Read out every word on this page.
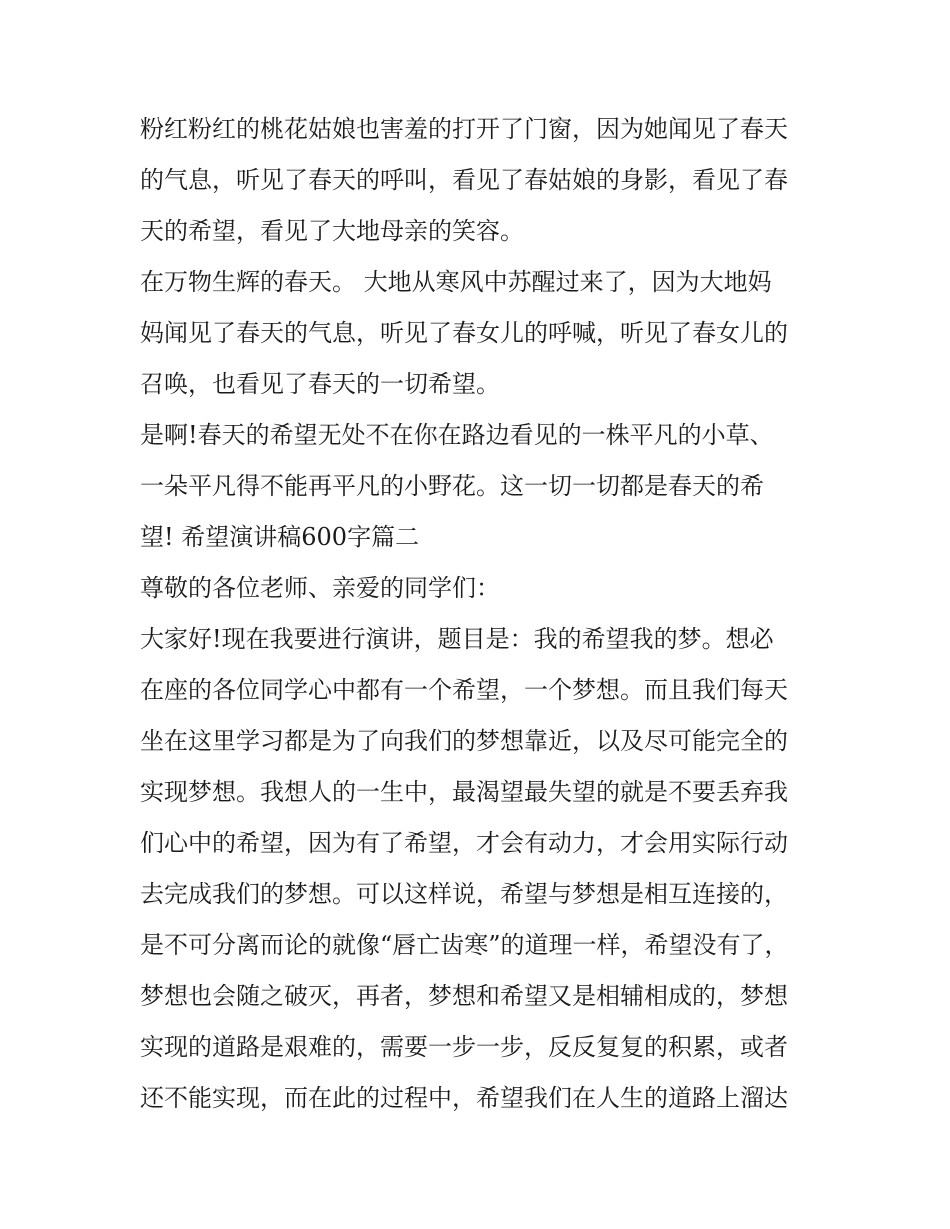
粉红粉红的桃花姑娘也害羞的打开了门窗，因为她闻见了春天
的气息，听见了春天的呼叫，看见了春姑娘的身影，看见了春
天的希望，看见了大地母亲的笑容。
在万物生辉的春天。 大地从寒风中苏醒过来了，因为大地妈
妈闻见了春天的气息，听见了春女儿的呼喊，听见了春女儿的
召唤，也看见了春天的一切希望。
是啊!春天的希望无处不在你在路边看见的一株平凡的小草、
一朵平凡得不能再平凡的小野花。这一切一切都是春天的希
望! 希望演讲稿600字篇二
尊敬的各位老师、亲爱的同学们：
大家好!现在我要进行演讲，题目是：我的希望我的梦。想必
在座的各位同学心中都有一个希望，一个梦想。而且我们每天
坐在这里学习都是为了向我们的梦想靠近，以及尽可能完全的
实现梦想。我想人的一生中，最渴望最失望的就是不要丢弃我
们心中的希望，因为有了希望，才会有动力，才会用实际行动
去完成我们的梦想。可以这样说，希望与梦想是相互连接的，
是不可分离而论的就像“唇亡齿寒”的道理一样，希望没有了，
梦想也会随之破灭，再者，梦想和希望又是相辅相成的，梦想
实现的道路是艰难的，需要一步一步，反反复复的积累，或者
还不能实现，而在此的过程中，希望我们在人生的道路上溜达
